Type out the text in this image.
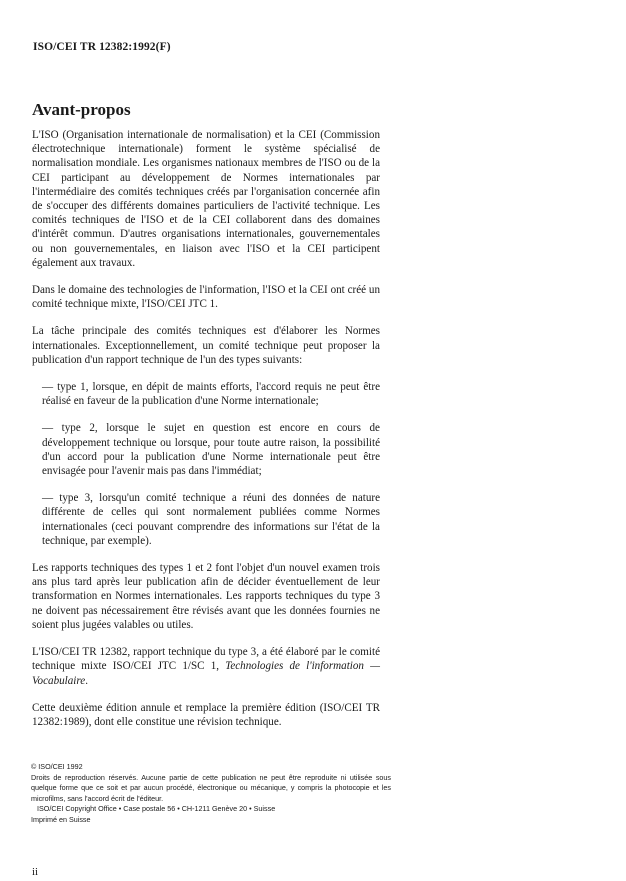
ISO/CEI TR 12382:1992(F)
Avant-propos

L'ISO (Organisation internationale de normalisation) et la CEI (Commission électrotechnique internationale) forment le système spécialisé de normalisation mondiale. Les organismes nationaux membres de l'ISO ou de la CEI participant au développement de Normes internationales par l'intermédiaire des comités techniques créés par l'organisation concernée afin de s'occuper des différents domaines particuliers de l'activité technique. Les comités techniques de l'ISO et de la CEI collaborent dans des domaines d'intérêt commun. D'autres organisations internationales, gouvernementales ou non gouvernementales, en liaison avec l'ISO et la CEI participent également aux travaux.

Dans le domaine des technologies de l'information, l'ISO et la CEI ont créé un comité technique mixte, l'ISO/CEI JTC 1.

La tâche principale des comités techniques est d'élaborer les Normes internationales. Exceptionnellement, un comité technique peut proposer la publication d'un rapport technique de l'un des types suivants:

— type 1, lorsque, en dépit de maints efforts, l'accord requis ne peut être réalisé en faveur de la publication d'une Norme internationale;

— type 2, lorsque le sujet en question est encore en cours de développement technique ou lorsque, pour toute autre raison, la possibilité d'un accord pour la publication d'une Norme internationale peut être envisagée pour l'avenir mais pas dans l'immédiat;

— type 3, lorsqu'un comité technique a réuni des données de nature différente de celles qui sont normalement publiées comme Normes internationales (ceci pouvant comprendre des informations sur l'état de la technique, par exemple).

Les rapports techniques des types 1 et 2 font l'objet d'un nouvel examen trois ans plus tard après leur publication afin de décider éventuellement de leur transformation en Normes internationales. Les rapports techniques du type 3 ne doivent pas nécessairement être révisés avant que les données fournies ne soient plus jugées valables ou utiles.

L'ISO/CEI TR 12382, rapport technique du type 3, a été élaboré par le comité technique mixte ISO/CEI JTC 1/SC 1, Technologies de l'information — Vocabulaire.

Cette deuxième édition annule et remplace la première édition (ISO/CEI TR 12382:1989), dont elle constitue une révision technique.

© ISO/CEI 1992
Droits de reproduction réservés. Aucune partie de cette publication ne peut être reproduite ni utilisée sous quelque forme que ce soit et par aucun procédé, électronique ou mécanique, y compris la photocopie et les microfilms, sans l'accord écrit de l'éditeur.
ISO/CEI Copyright Office • Case postale 56 • CH-1211 Genève 20 • Suisse
Imprimé en Suisse
ii
